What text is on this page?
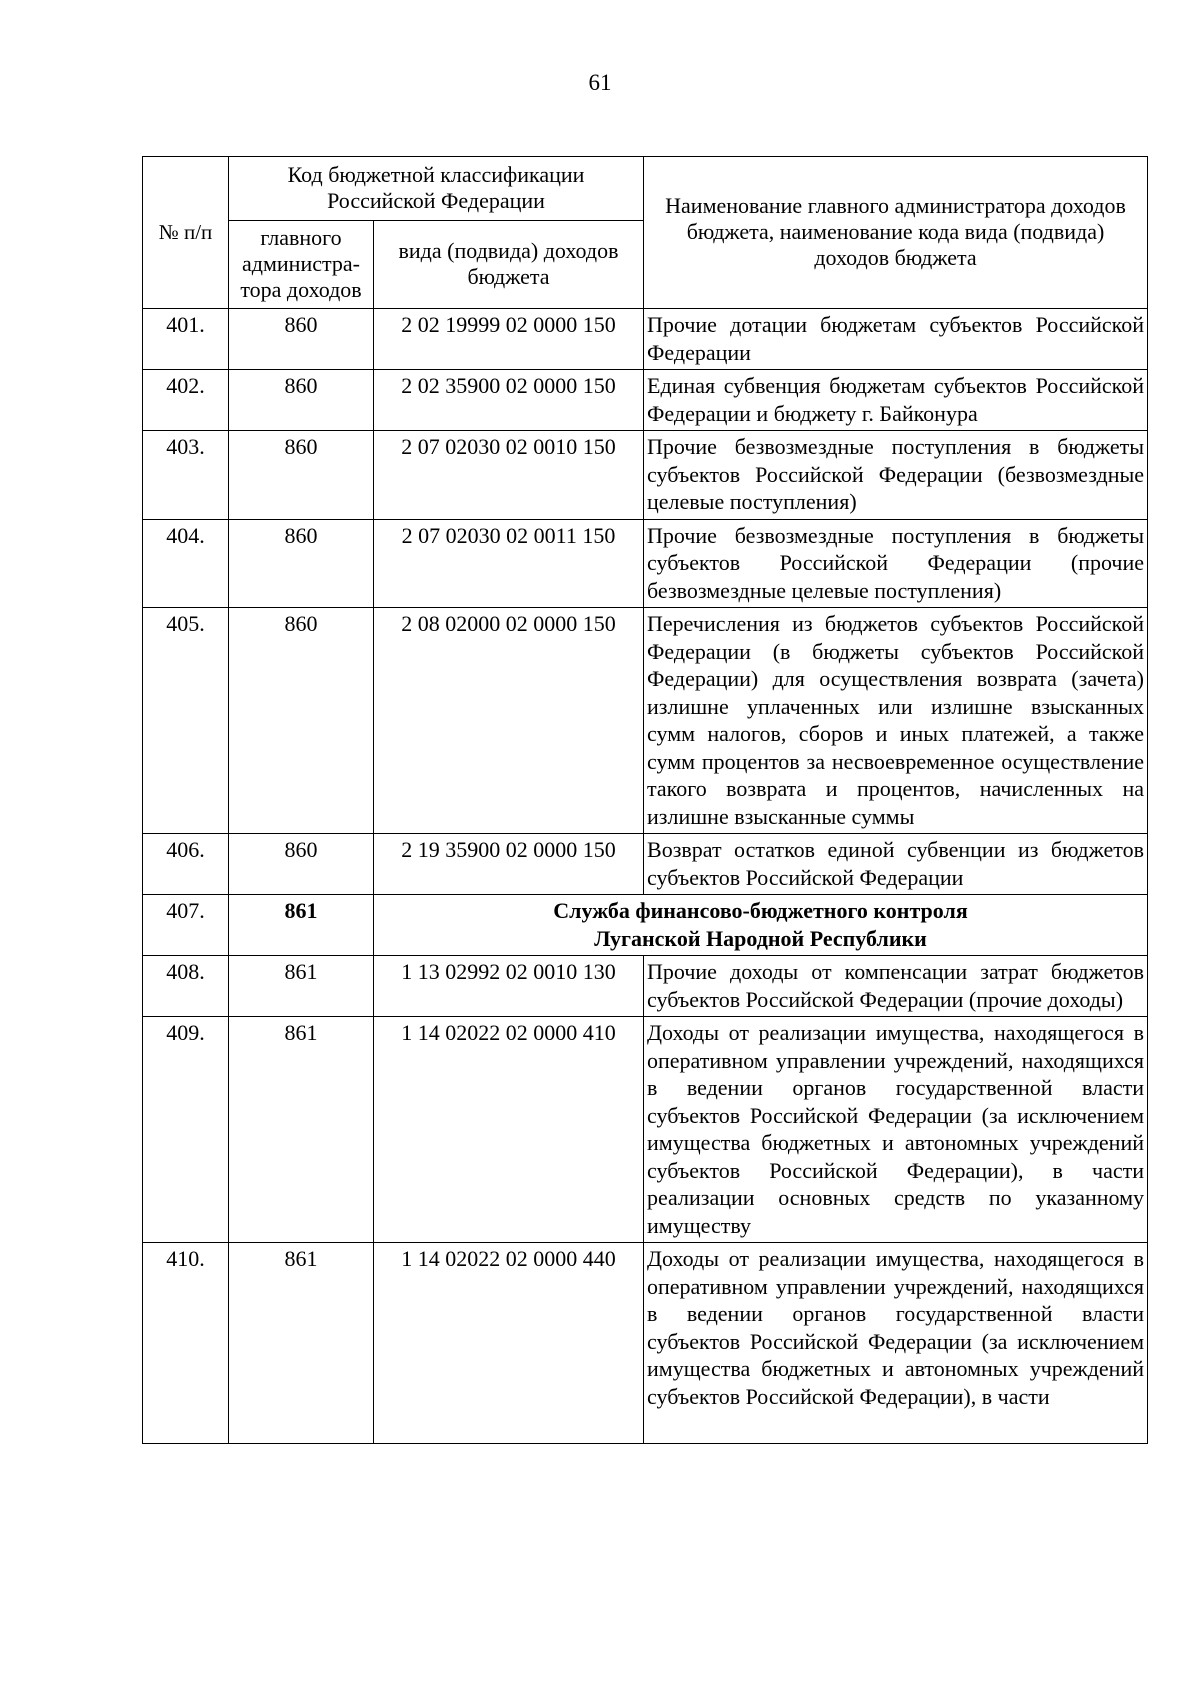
61
№ п/п	Код бюджетной классификации Российской Федерации		Наименование главного администратора доходов бюджета, наименование кода вида (подвида) доходов бюджета
	главного администра-тора доходов	вида (подвида) доходов бюджета	
401.	860	2 02 19999 02 0000 150	Прочие дотации бюджетам субъектов Российской Федерации
402.	860	2 02 35900 02 0000 150	Единая субвенция бюджетам субъектов Российской Федерации и бюджету г. Байконура
403.	860	2 07 02030 02 0010 150	Прочие безвозмездные поступления в бюджеты субъектов Российской Федерации (безвозмездные целевые поступления)
404.	860	2 07 02030 02 0011 150	Прочие безвозмездные поступления в бюджеты субъектов Российской Федерации (прочие безвозмездные целевые поступления)
405.	860	2 08 02000 02 0000 150	Перечисления из бюджетов субъектов Российской Федерации (в бюджеты субъектов Российской Федерации) для осуществления возврата (зачета) излишне уплаченных или излишне взысканных сумм налогов, сборов и иных платежей, а также сумм процентов за несвоевременное осуществление такого возврата и процентов, начисленных на излишне взысканные суммы
406.	860	2 19 35900 02 0000 150	Возврат остатков единой субвенции из бюджетов субъектов Российской Федерации
407.	861	Служба финансово-бюджетного контроля
Луганской Народной Республики	

408.	861	1 13 02992 02 0010 130	Прочие доходы от компенсации затрат бюджетов субъектов Российской Федерации (прочие доходы)
409.	861	1 14 02022 02 0000 410	Доходы от реализации имущества, находящегося в оперативном управлении учреждений, находящихся в ведении органов государственной власти субъектов Российской Федерации (за исключением имущества бюджетных и автономных учреждений субъектов Российской Федерации), в части реализации основных средств по указанному имуществу
410.	861	1 14 02022 02 0000 440	Доходы от реализации имущества, находящегося в оперативном управлении учреждений, находящихся в ведении органов государственной власти субъектов Российской Федерации (за исключением имущества бюджетных и автономных учреждений субъектов Российской Федерации), в части
